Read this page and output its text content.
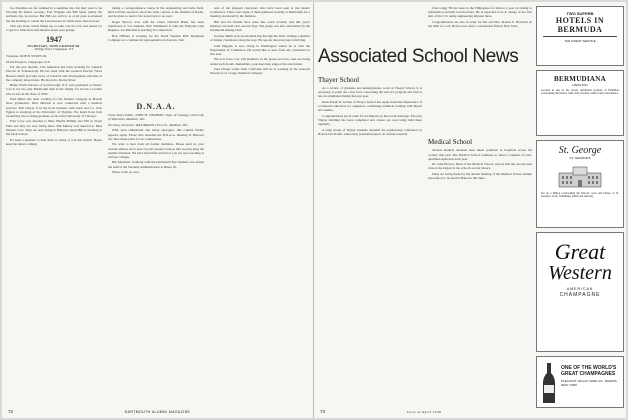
Joe Donahue are far outlined in a sunshine trip, but they were to be favoring his friend. Georgia, Earl Wingate and Bill Sauer jointly the northern trip, in reverse. But Bill was with it, as of all gone as planned but the heading to cousin the Lawrenceses in a little more than an hour.

This just about winds things up, so take care for now and please try to get in a little more information about your goings.

1947
SECRETARY, JOHN GRAHAM SR.
48 Kipp Street, Chappaqua, N.Y.

Treasurer, ROE B. SYKES JR.

Of the Eastport, Chappaqua, N.Y.

For the past months, Carl Anderson has been working for General Electric in Schenectady. He has been with the General Electric News Bureau which provides news of research and development activities at the company laboratories. He moved to Rocky River.

Helen Worth Parsons of Scarborough, N.Y. was graduated at Vassar. Carl is not the only Dartmouth man in the family, for he has a brother who is also in the class of 1950.

Fred Miller has been working for the Wendel company in Boston since graduation. Dick Merrick is now connected with a medical practice. Bob Dwyer is in the book business with Ginn and Co. Jack Eggers is studying at the University of Virginia. We heard from Jack Greenberg who is doing graduate work at the University of Chicago.

Fran Crow was married to Miss Phyllis Phillips last Fall in Sioux Falls and they are now living there. Bill Murray was married to Miss Eleanor Cole. They are now living in Hanover where Bill is studying at the Tuck School.

It's been a pleasure to hear from so many of you this month. Please keep the letters coming.

taking a correspondence course in the engineering and radio field. Dick told the reporters about the radio courses at the Institute of Radio, and he plans to send a few notes back to us soon.

Roger Brown, now with the Chase National Bank, has been transferred to Los Angeles. Bob Whitehead is with the National Cash Register. Joe Mitchell is teaching in Connecticut.

Bob O'Brien is working for the North Western Bell Telephone Company as a commercial representative in Lincoln, Neb.

D.N.A.A.

Class Notes Editor, JOHN H. CHIPMAN, Dept. of Geology, University of Wisconsin, Madison, Wis.

Secretary-Treasurer, MAX BRAND 2 Fern St., Madison, Wis.

With such enthusiasm and many apologies, this column finally appears again. Those who attended the D.N.A.A. meeting in Hanover last June made plans for its continuation.

We want to hear from all former members. Please send us your current address and a note on your present work so that we may keep the alumni informed. We have heard that several of you are now teaching at various colleges.

Bill Mayfield, formerly with the Dartmouth Eye Institute, has joined the staff of the Veterans Administration at Hines, Ill.

Please write us soon.

sure of the sharpest characters who have been seen at the Deans' Conference. There were eight of them gathered recently at Dartmouth for a meeting sponsored by the Institute.

Bill and his friends have done fine work recently, and this year's meeting was held over several days. The group was also entertained by the Dartmouth Outing Club.

Gordon Smith took an extended trip through the West, visiting a number of former classmates along the way. He reports that everyone is thriving.

John Higgins is now living in Washington where he is with the Department of Commerce. He would like to hear from any classmates in that area.

We now have over 140 members in the group and new ones are being added each month. Remember, your dues help support the association.

Paul Strong writes from California that he is working in the research laboratory of a large chemical company.

72	DARTMOUTH ALUMNI MAGAZINE
Associated School News
Thayer School

As a review of graduate and undergraduate work at Thayer School, it is necessary to point out a few facts concerning the school's program and what it has accomplished during the past year.

Dean Frank W. Garran of Thayer School has again stated the importance of a balanced education for engineers, combining technical training with liberal arts studies.

Congratulations are in order for Al Duncan on his recent marriage. The new Thayer building has been completed and classes are now being held there regularly.

A large group of Thayer students attended the engineering conference in Boston last month, where they presented papers on current research.

Chet Grigg '39 has been in the Philippines for almost a year according to information recently received here. He is expected to be in charge of the first unit of the U.S. Army engineering mission there.

Congratulations are also in order for Mr. and Mrs. Robert E. Hartwell on the birth of a son. Bob is now with a construction firm in New York.

Medical School

Several medical students have taken positions at hospitals across the country this year. The Medical School continues to attract a number of well-qualified applicants each year.

Dr. John Bowler, Dean of the Medical School, reports that the second-year class is the largest in the school's recent history.

Plans are being made for the annual meeting of the Medical School alumni association to be held in Hanover this June.

Issue of April 1948
73
TWO SUPERB
HOTELS IN
BERMUDA
THE FINEST SERVICE
BERMUDIANA
HAMILTON
Located in one of the lovely residential sections of Hamilton overlooking the harbor, with every modern comfort and convenience.
St. George
ST. GEORGE'S
Set on a hilltop overlooking the historic town and harbor of St. George's. Golf, swimming, tennis and dancing.
Great
Western
AMERICAN
CHAMPAGNE
ONE OF THE WORLD'S GREAT CHAMPAGNES
PLEASANT VALLEY WINE CO., RHEIMS, NEW YORK
